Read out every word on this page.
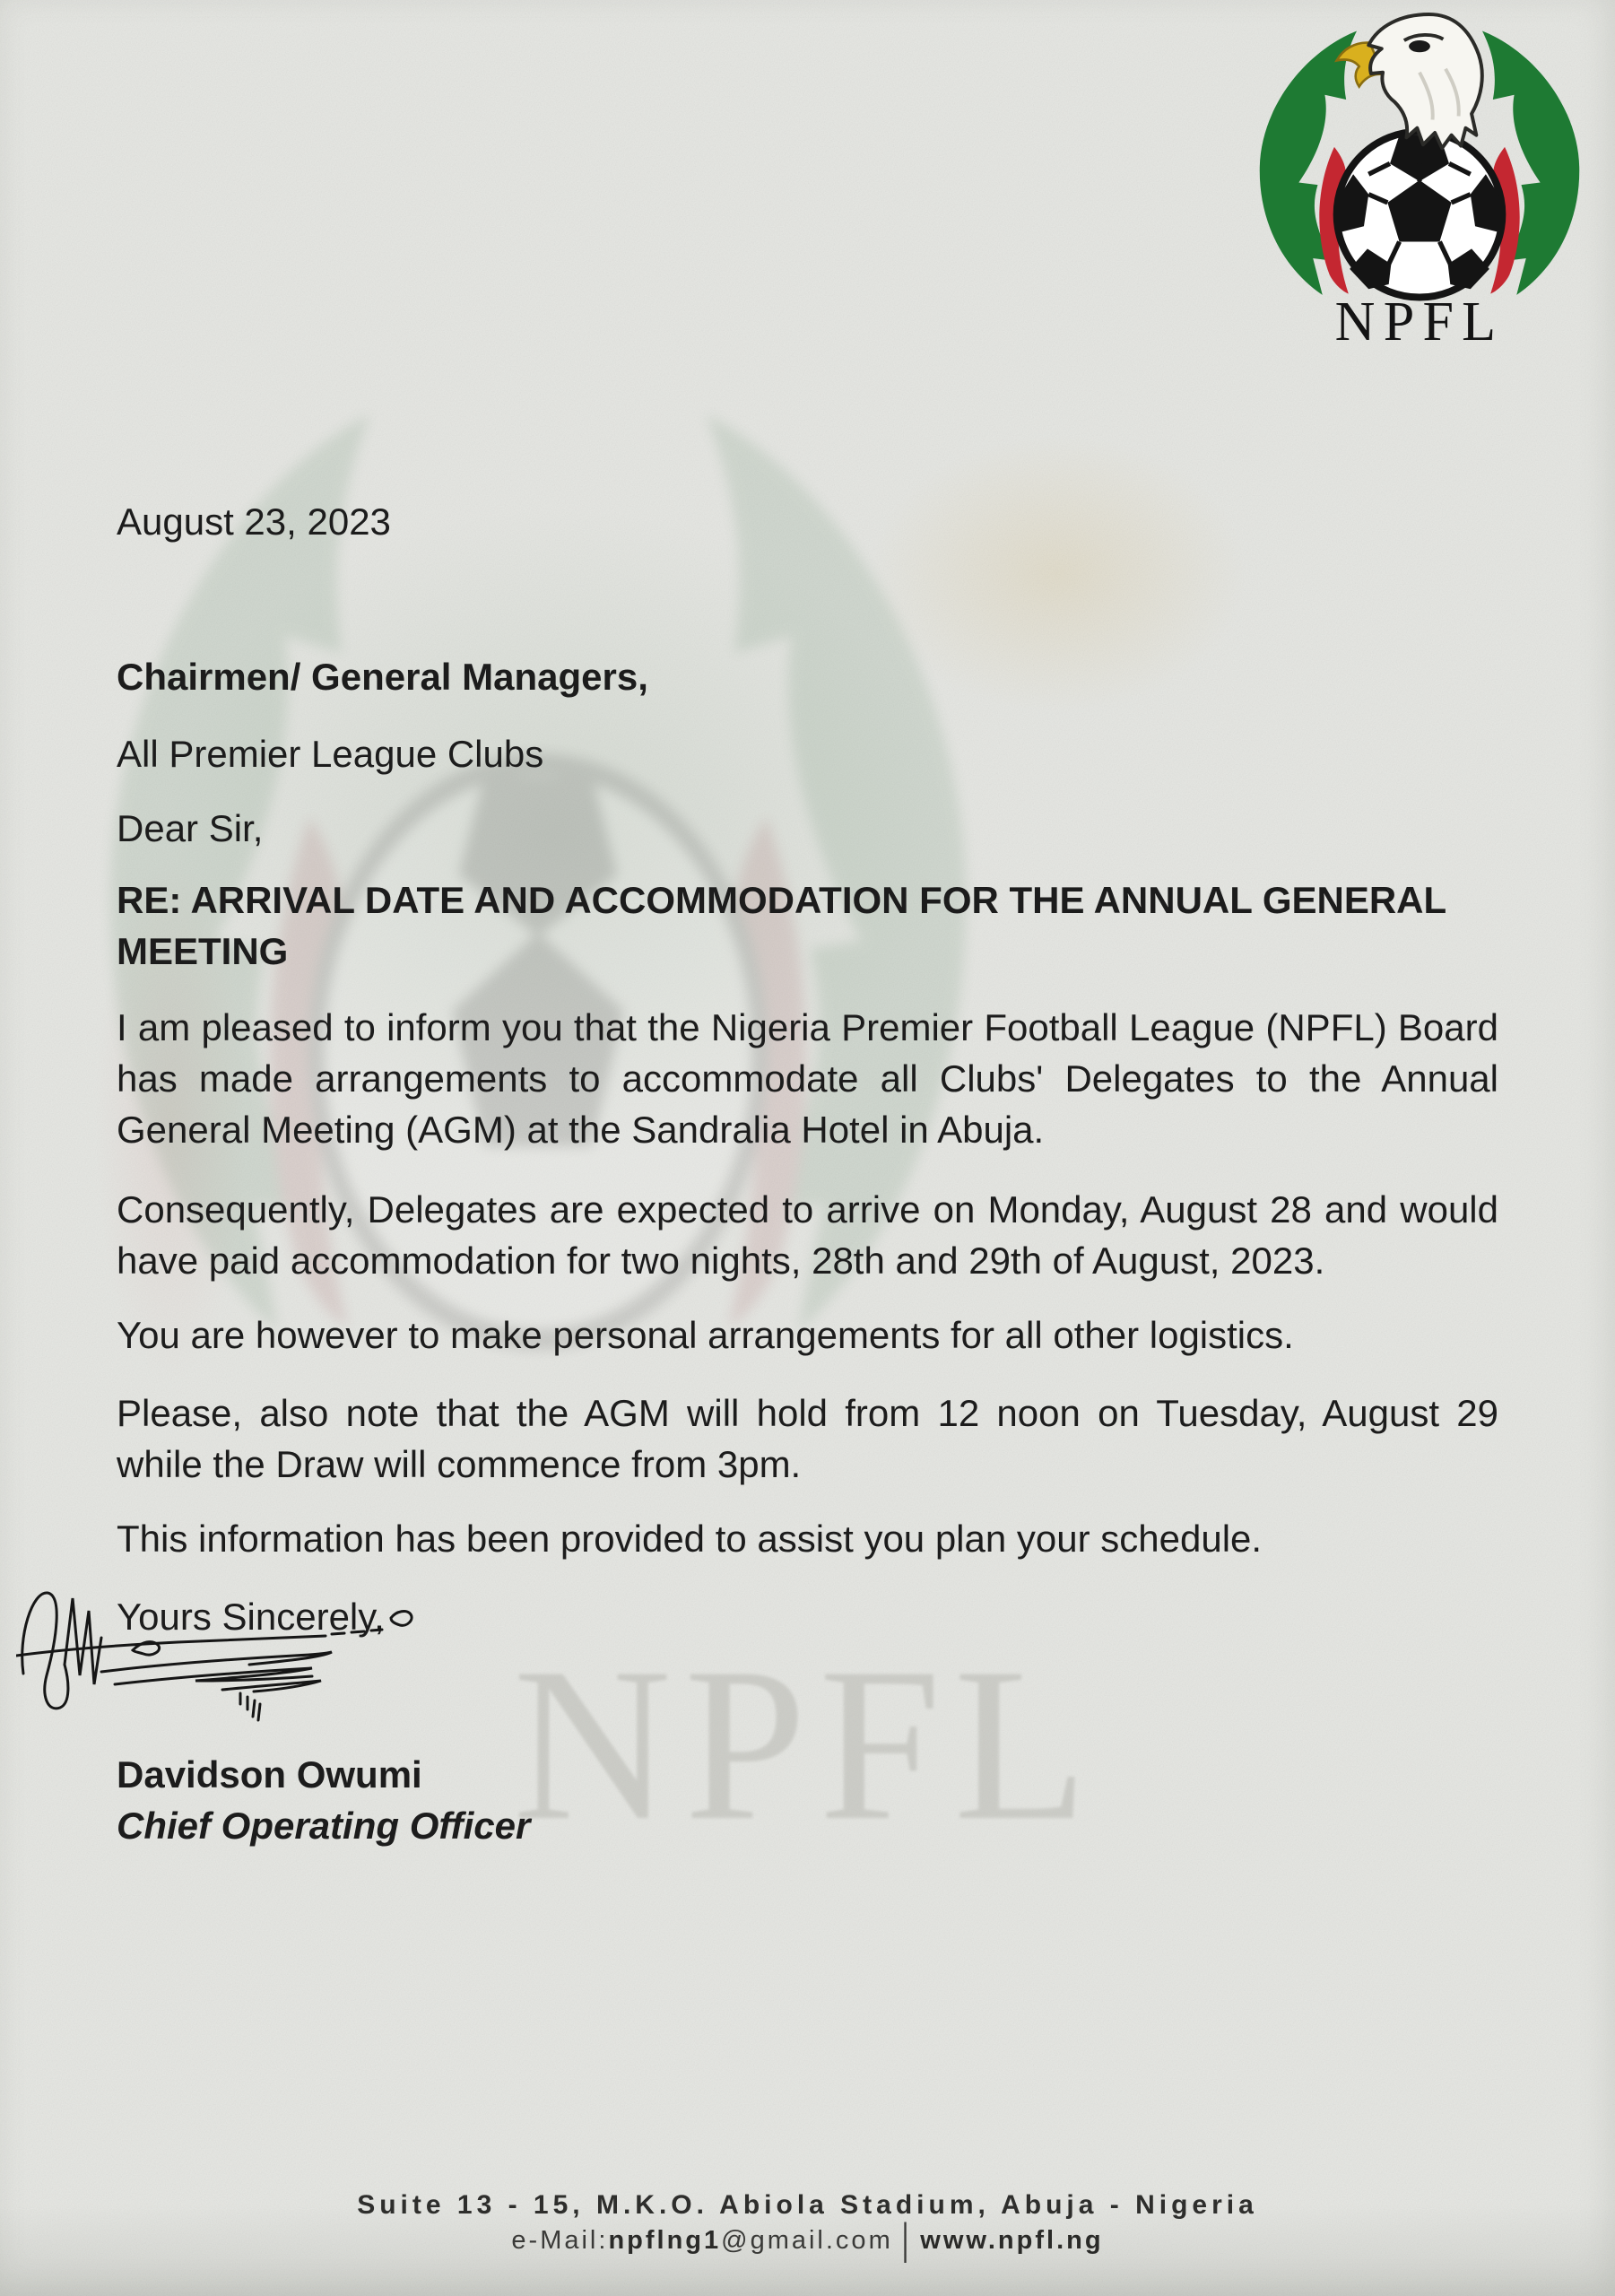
NPFL
NPFL

August 23, 2023

Chairmen/ General Managers,

All Premier League Clubs

Dear Sir,

RE: ARRIVAL DATE AND ACCOMMODATION FOR THE ANNUAL GENERAL MEETING

I am pleased to inform you that the Nigeria Premier Football League (NPFL) Board has made arrangements to accommodate all Clubs' Delegates to the Annual General Meeting (AGM) at the Sandralia Hotel in Abuja.

Consequently, Delegates are expected to arrive on Monday, August 28 and would have paid accommodation for two nights, 28th and 29th of August, 2023.

You are however to make personal arrangements for all other logistics.

Please, also note that the AGM will hold from 12 noon on Tuesday, August 29 while the Draw will commence from 3pm.

This information has been provided to assist you plan your schedule.

Yours Sincerely,

Davidson Owumi

Chief Operating Officer

Suite 13 - 15, M.K.O. Abiola Stadium, Abuja - Nigeria

e-Mail:npflng1@gmail.com | www.npfl.ng
